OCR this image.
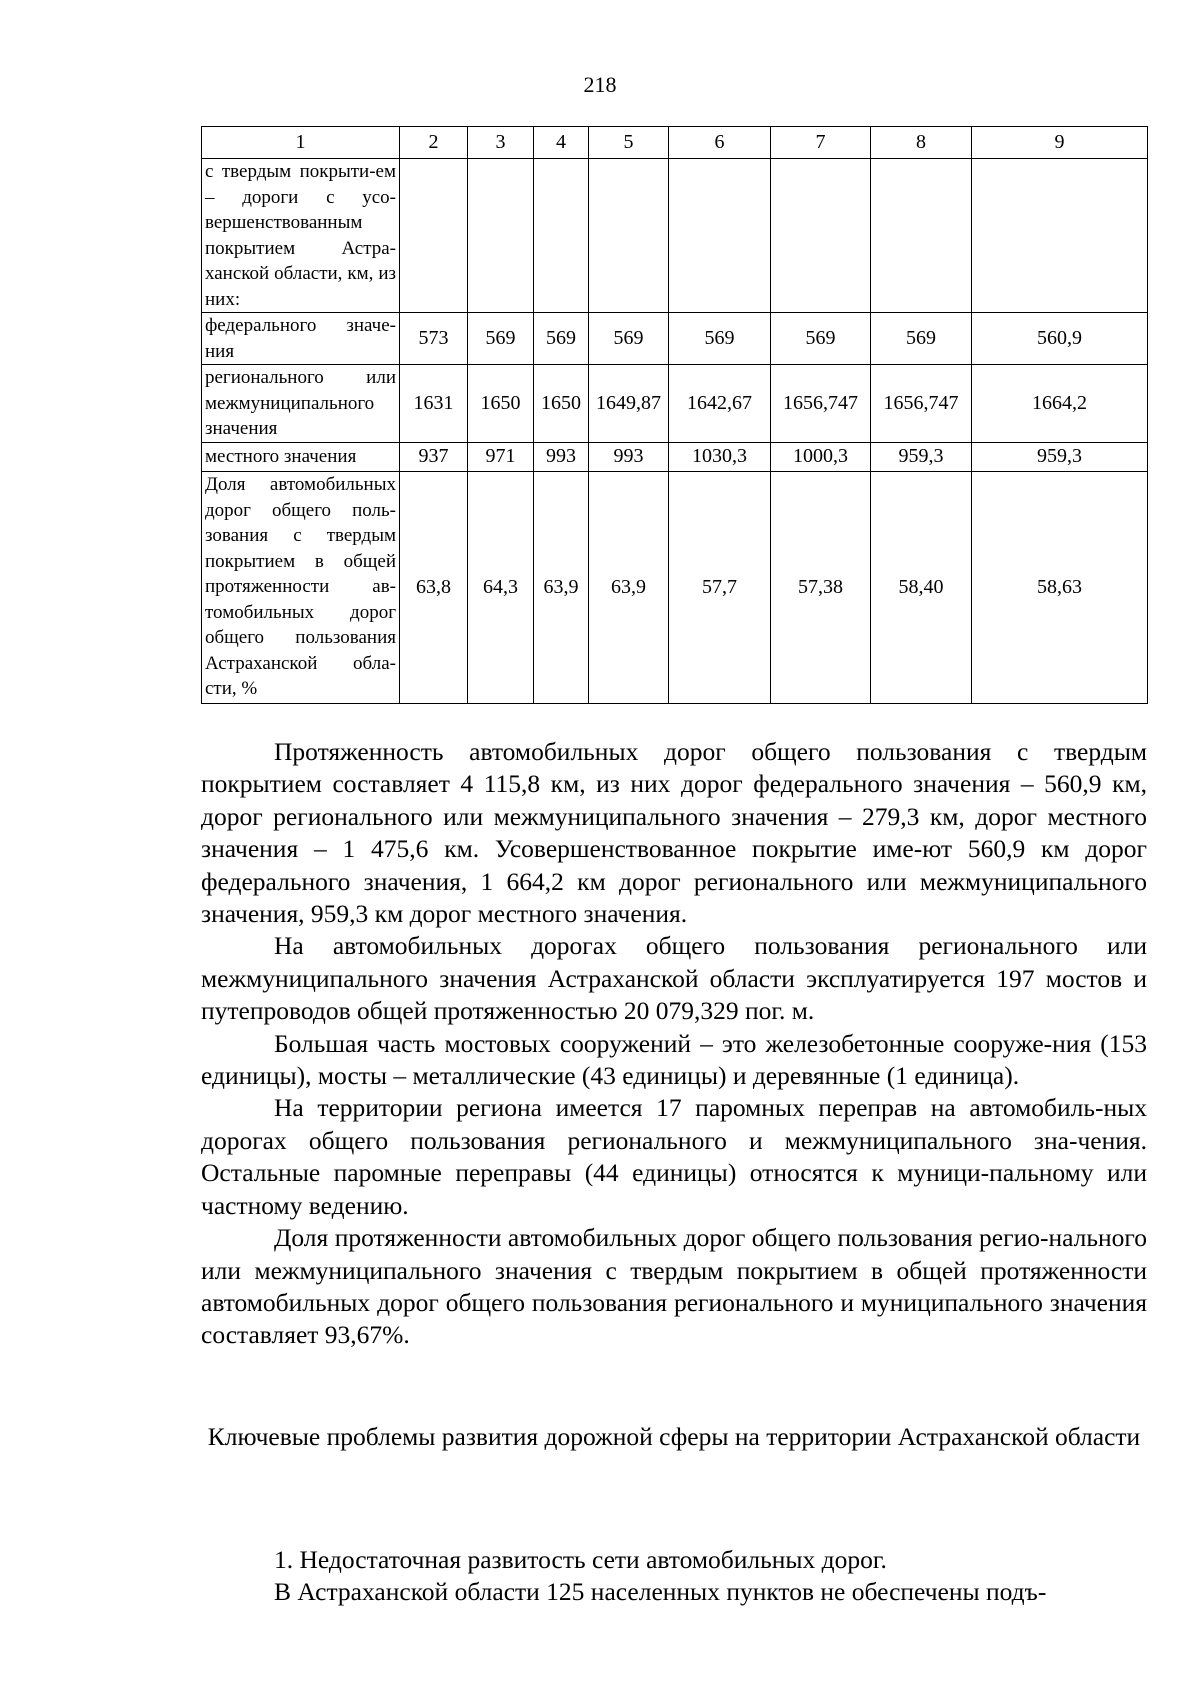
218
1	2	3	4	5	6	7	8	9
с твердым покрыти-ем – дороги с усо-вершенствованным покрытием Астра-ханской области, км, из них:								
федерального значе-ния	573	569	569	569	569	569	569	560,9
регионального или межмуниципального значения	1631	1650	1650	1649,87	1642,67	1656,747	1656,747	1664,2
местного значения	937	971	993	993	1030,3	1000,3	959,3	959,3
Доля автомобильных дорог общего поль-зования с твердым покрытием в общей протяженности ав-томобильных дорог общего пользования Астраханской обла-сти, %	63,8	64,3	63,9	63,9	57,7	57,38	58,40	58,63

Протяженность автомобильных дорог общего пользования с твердым покрытием составляет 4 115,8 км, из них дорог федерального значения – 560,9 км, дорог регионального или межмуниципального значения – 279,3 км, дорог местного значения – 1 475,6 км. Усовершенствованное покрытие име-ют 560,9 км дорог федерального значения, 1 664,2 км дорог регионального или межмуниципального значения, 959,3 км дорог местного значения.

На автомобильных дорогах общего пользования регионального или межмуниципального значения Астраханской области эксплуатируется 197 мостов и путепроводов общей протяженностью 20 079,329 пог. м.

Большая часть мостовых сооружений – это железобетонные сооруже-ния (153 единицы), мосты – металлические (43 единицы) и деревянные (1 единица).

На территории региона имеется 17 паромных переправ на автомобиль-ных дорогах общего пользования регионального и межмуниципального зна-чения. Остальные паромные переправы (44 единицы) относятся к муници-пальному или частному ведению.

Доля протяженности автомобильных дорог общего пользования регио-нального или межмуниципального значения с твердым покрытием в общей протяженности автомобильных дорог общего пользования регионального и муниципального значения составляет 93,67%.

Ключевые проблемы развития дорожной сферы на территории Астраханской области

1. Недостаточная развитость сети автомобильных дорог.

В Астраханской области 125 населенных пунктов не обеспечены подъ-
